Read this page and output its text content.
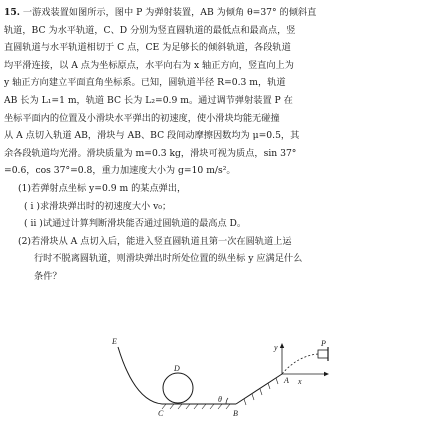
15. 一游戏装置如图所示，图中 P 为弹射装置，AB 为倾角 θ=37° 的倾斜直
轨道，BC 为水平轨道，C、D 分别为竖直圆轨道的最低点和最高点，竖
直圆轨道与水平轨道相切于 C 点，CE 为足够长的倾斜轨道，各段轨道
均平滑连接，以 A 点为坐标原点，水平向右为 x 轴正方向，竖直向上为
y 轴正方向建立平面直角坐标系。已知，圆轨道半径 R=0.3 m，轨道
AB 长为 L₁=1 m，轨道 BC 长为 L₂=0.9 m。通过调节弹射装置 P 在
坐标平面内的位置及小滑块水平弹出的初速度，使小滑块均能无碰撞
从 A 点切入轨道 AB，滑块与 AB、BC 段间动摩擦因数均为 μ=0.5，其
余各段轨道均光滑。滑块质量为 m=0.3 kg，滑块可视为质点，sin 37°
=0.6，cos 37°=0.8，重力加速度大小为 g=10 m/s²。
(1)若弹射点坐标 y=0.9 m 的某点弹出，
( ⅰ )求滑块弹出时的初速度大小 v₀；
( ⅱ )试通过计算判断滑块能否通过圆轨道的最高点 D。
(2)若滑块从 A 点切入后，能进入竖直圆轨道且第一次在圆轨道上运
行时不脱离圆轨道，则滑块弹出时所处位置的纵坐标 y 应满足什么
条件？
E
D
C	B
θ
A
y
x
P
